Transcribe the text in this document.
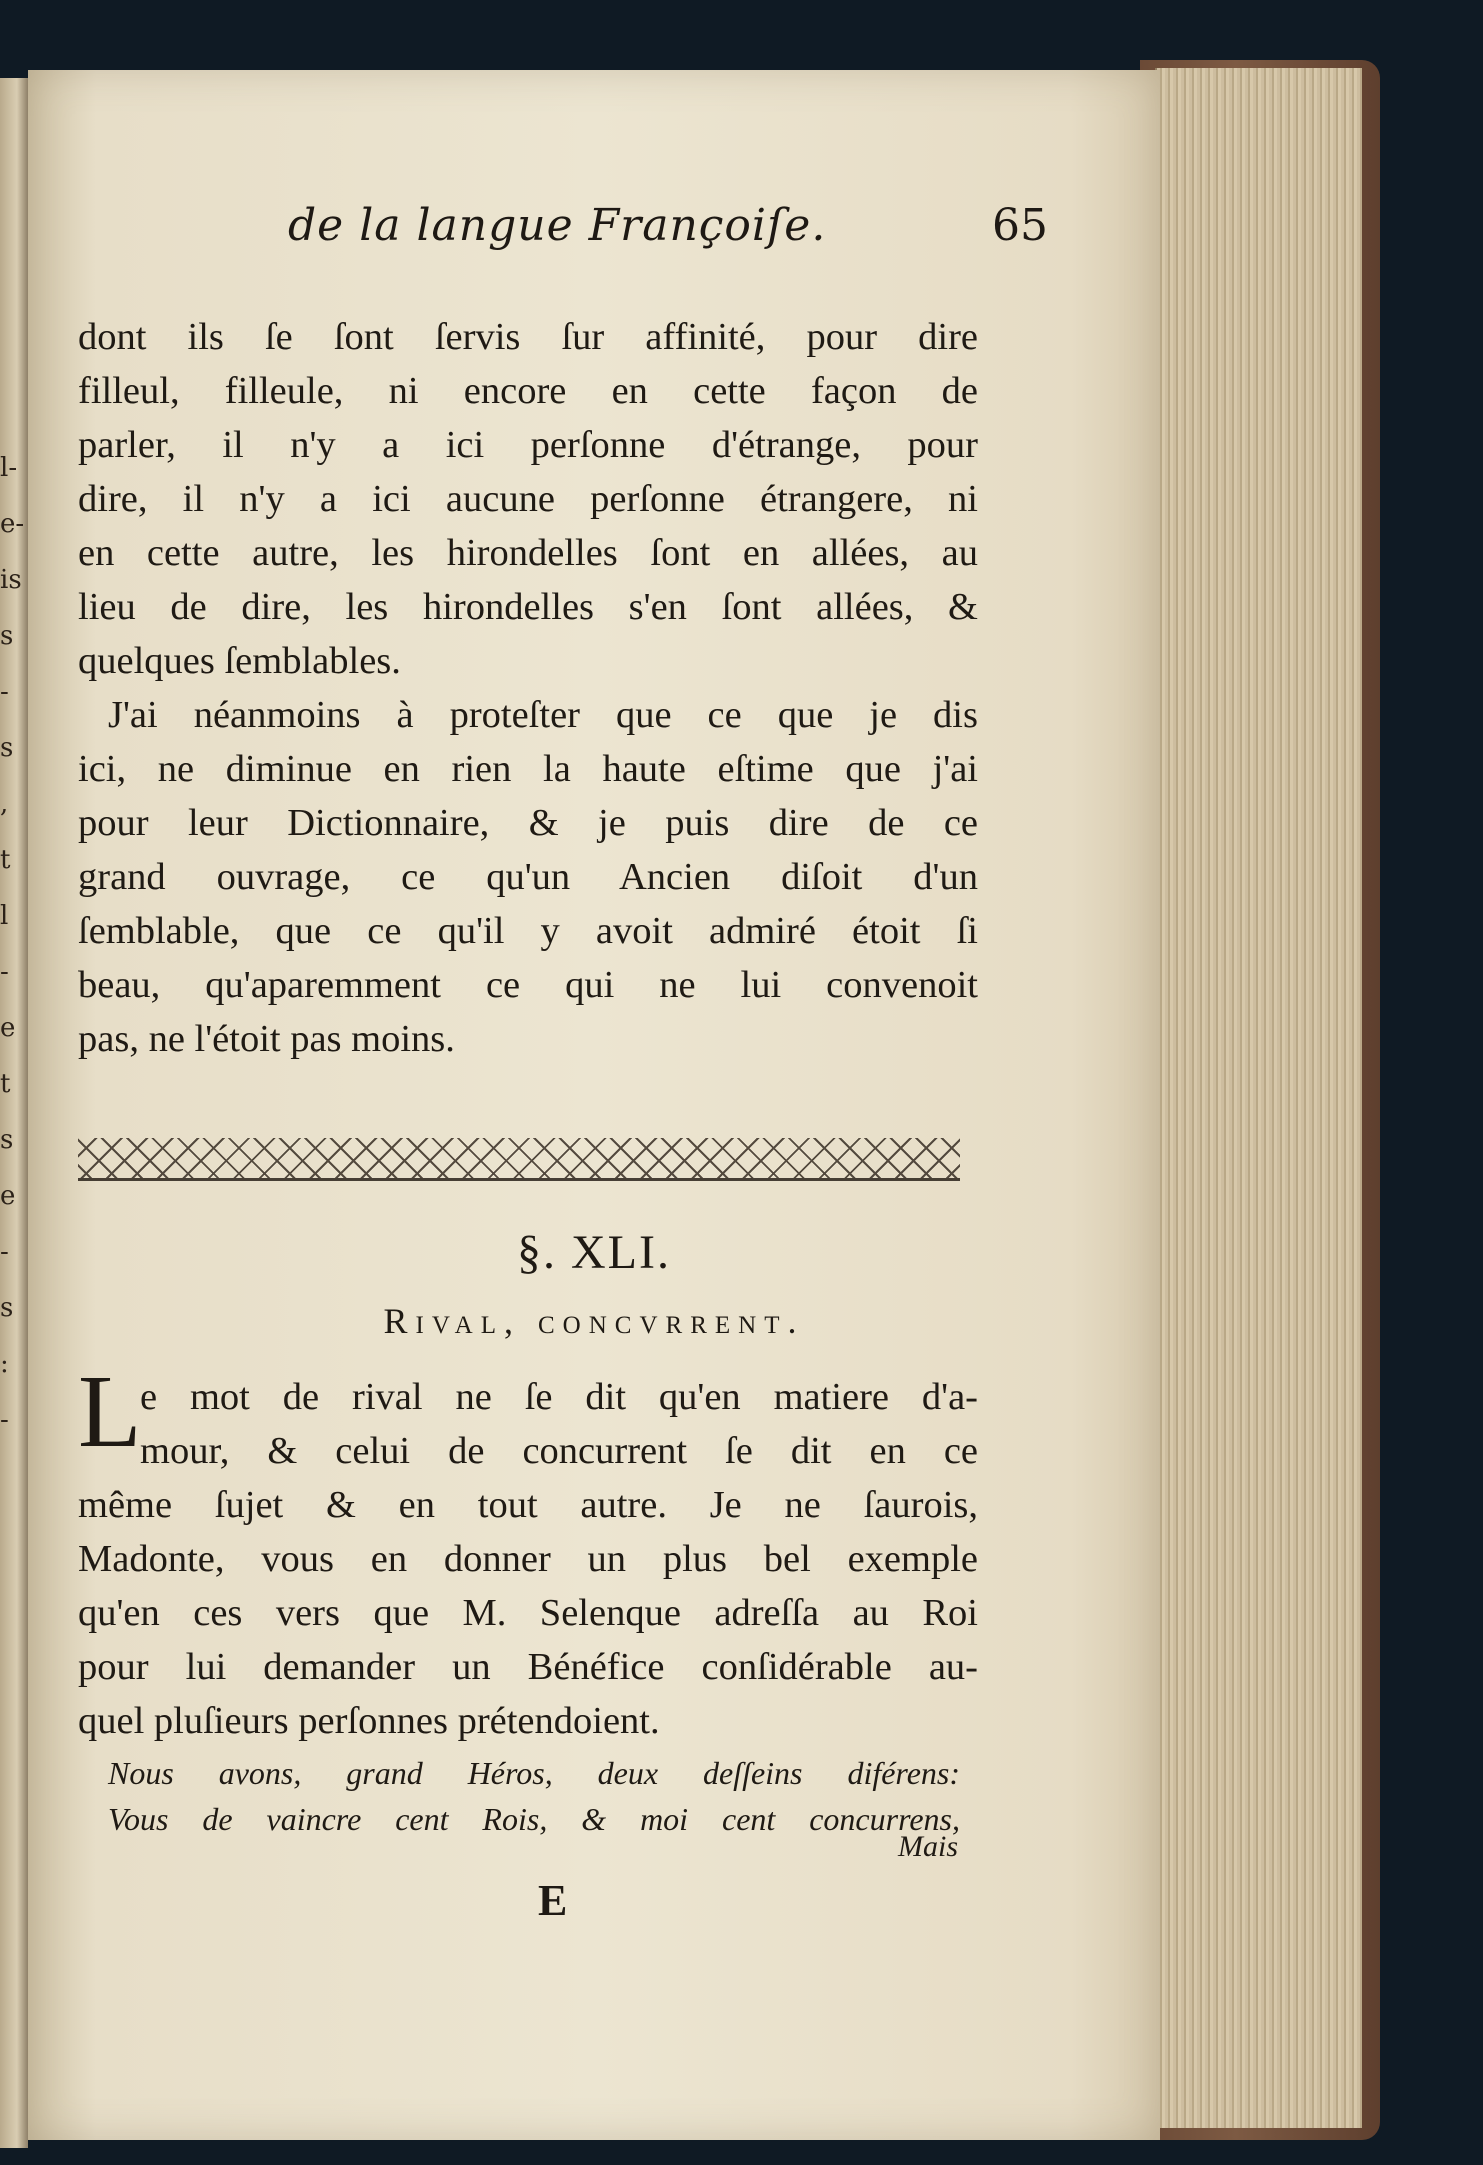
l-
e-
is
s
-
s
,
t
l
-
e
t
s
e
-
s
:
-
de la langue Françoiſe.	65
dont ils ſe ſont ſervis ſur affinité, pour dire
filleul, filleule, ni encore en cette façon de
parler, il n'y a ici perſonne d'étrange, pour
dire, il n'y a ici aucune perſonne étrangere, ni
en cette autre, les hirondelles ſont en allées, au
lieu de dire, les hirondelles s'en ſont allées, &
quelques ſemblables.
J'ai néanmoins à proteſter que ce que je dis
ici, ne diminue en rien la haute eſtime que j'ai
pour leur Dictionnaire, & je puis dire de ce
grand ouvrage, ce qu'un Ancien diſoit d'un
ſemblable, que ce qu'il y avoit admiré étoit ſi
beau, qu'aparemment ce qui ne lui convenoit
pas, ne l'étoit pas moins.
§. XLI.
Rival, concvrrent.
L
e mot de rival ne ſe dit qu'en matiere d'a-
mour, & celui de concurrent ſe dit en ce
même ſujet & en tout autre. Je ne ſaurois,
Madonte, vous en donner un plus bel exemple
qu'en ces vers que M. Selenque adreſſa au Roi
pour lui demander un Bénéfice conſidérable au-
quel pluſieurs perſonnes prétendoient.
Nous avons, grand Héros, deux deſſeins diférens:
Vous de vaincre cent Rois, & moi cent concurrens,
Mais
E
